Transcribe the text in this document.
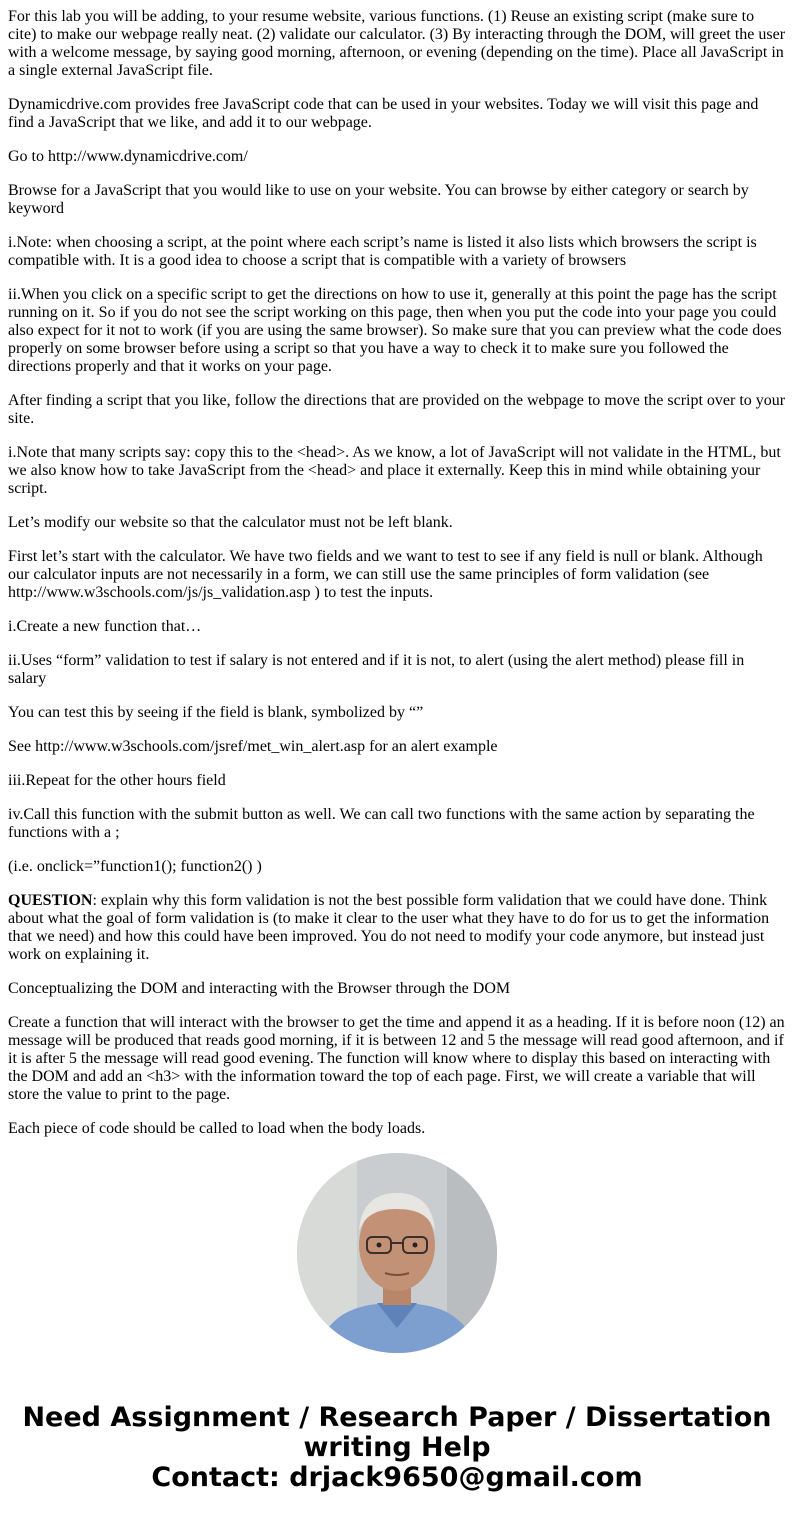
For this lab you will be adding, to your resume website, various functions. (1) Reuse an existing script (make sure to cite) to make our webpage really neat. (2) validate our calculator. (3) By interacting through the DOM, will greet the user with a welcome message, by saying good morning, afternoon, or evening (depending on the time). Place all JavaScript in a single external JavaScript file.

Dynamicdrive.com provides free JavaScript code that can be used in your websites. Today we will visit this page and find a JavaScript that we like, and add it to our webpage.

Go to http://www.dynamicdrive.com/

Browse for a JavaScript that you would like to use on your website. You can browse by either category or search by keyword

i.Note: when choosing a script, at the point where each script’s name is listed it also lists which browsers the script is compatible with. It is a good idea to choose a script that is compatible with a variety of browsers

ii.When you click on a specific script to get the directions on how to use it, generally at this point the page has the script running on it. So if you do not see the script working on this page, then when you put the code into your page you could also expect for it not to work (if you are using the same browser). So make sure that you can preview what the code does properly on some browser before using a script so that you have a way to check it to make sure you followed the directions properly and that it works on your page.

After finding a script that you like, follow the directions that are provided on the webpage to move the script over to your site.

i.Note that many scripts say: copy this to the <head>. As we know, a lot of JavaScript will not validate in the HTML, but we also know how to take JavaScript from the <head> and place it externally. Keep this in mind while obtaining your script.

Let’s modify our website so that the calculator must not be left blank.

First let’s start with the calculator. We have two fields and we want to test to see if any field is null or blank. Although our calculator inputs are not necessarily in a form, we can still use the same principles of form validation (see http://www.w3schools.com/js/js_validation.asp ) to test the inputs.

i.Create a new function that…

ii.Uses “form” validation to test if salary is not entered and if it is not, to alert (using the alert method) please fill in salary

You can test this by seeing if the field is blank, symbolized by “”

See http://www.w3schools.com/jsref/met_win_alert.asp for an alert example

iii.Repeat for the other hours field

iv.Call this function with the submit button as well. We can call two functions with the same action by separating the functions with a ;

(i.e. onclick=”function1(); function2() )

QUESTION: explain why this form validation is not the best possible form validation that we could have done. Think about what the goal of form validation is (to make it clear to the user what they have to do for us to get the information that we need) and how this could have been improved. You do not need to modify your code anymore, but instead just work on explaining it.

Conceptualizing the DOM and interacting with the Browser through the DOM

Create a function that will interact with the browser to get the time and append it as a heading. If it is before noon (12) an message will be produced that reads good morning, if it is between 12 and 5 the message will read good afternoon, and if it is after 5 the message will read good evening. The function will know where to display this based on interacting with the DOM and add an <h3> with the information toward the top of each page. First, we will create a variable that will store the value to print to the page.

Each piece of code should be called to load when the body loads.

Need Assignment / Research Paper / Dissertation
writing Help
Contact: drjack9650@gmail.com
